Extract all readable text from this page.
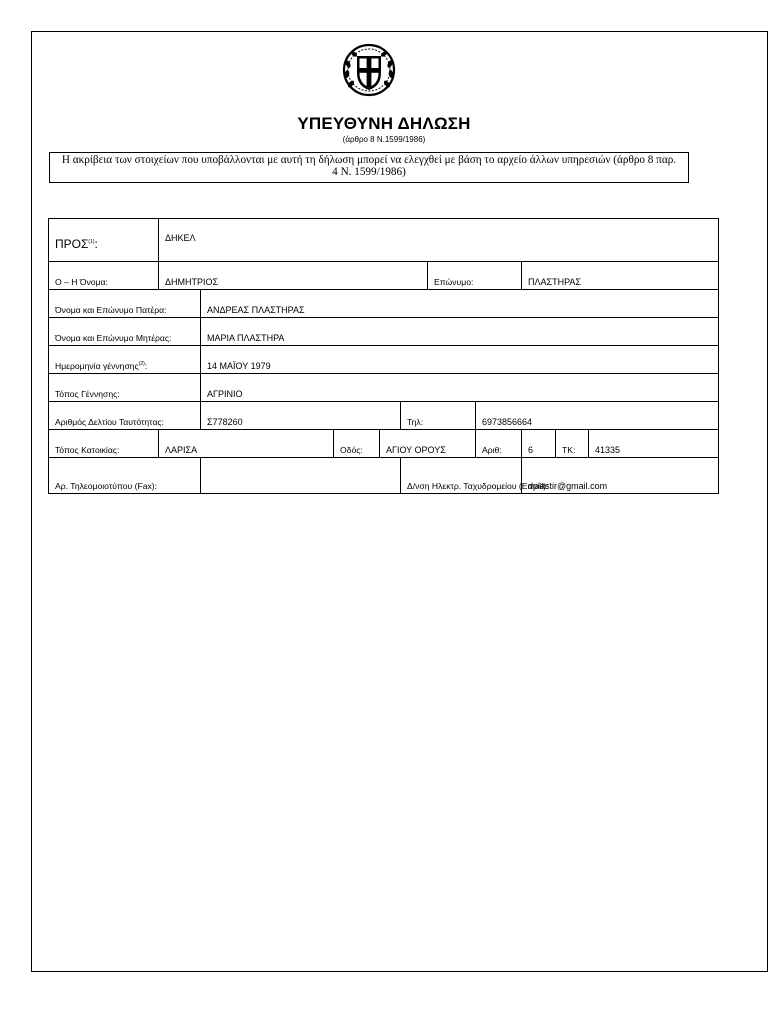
ΥΠΕΥΘΥΝΗ ΔΗΛΩΣΗ
(άρθρο 8 Ν.1599/1986)
Η ακρίβεια των στοιχείων που υποβάλλονται με αυτή τη δήλωση μπορεί να ελεγχθεί με βάση το αρχείο άλλων υπηρεσιών (άρθρο 8 παρ. 4 Ν. 1599/1986)
ΠΡΟΣ$^{(1)}$:	ΔΗΚΕΛ									
Ο – Η Όνομα:	ΔΗΜΗΤΡΙΟΣ					Επώνυμο:		ΠΛΑΣΤΗΡΑΣ		
Όνομα και Επώνυμο Πατέρα:		ΑΝΔΡΕΑΣ ΠΛΑΣΤΗΡΑΣ								
Όνομα και Επώνυμο Μητέρας:		ΜΑΡΙΑ ΠΛΑΣΤΗΡΑ								
Ημερομηνία γέννησης$^{(2)}$:		14 ΜΑΪΟΥ 1979								
Τόπος Γέννησης:		ΑΓΡΙΝΙΟ								
Αριθμός Δελτίου Ταυτότητας:		Σ778260			Τηλ:		6973856664			
Τόπος Κατοικίας:	ΛΑΡΙΣΑ		Οδός:	ΑΓΙΟΥ ΟΡΟΥΣ			Αριθ:	6	ΤΚ:	41335
Αρ. Τηλεομοιοτύπου (Fax):					Δ/νση Ηλεκτρ. Ταχυδρομείου (Email):			dplastir@gmail.com		
